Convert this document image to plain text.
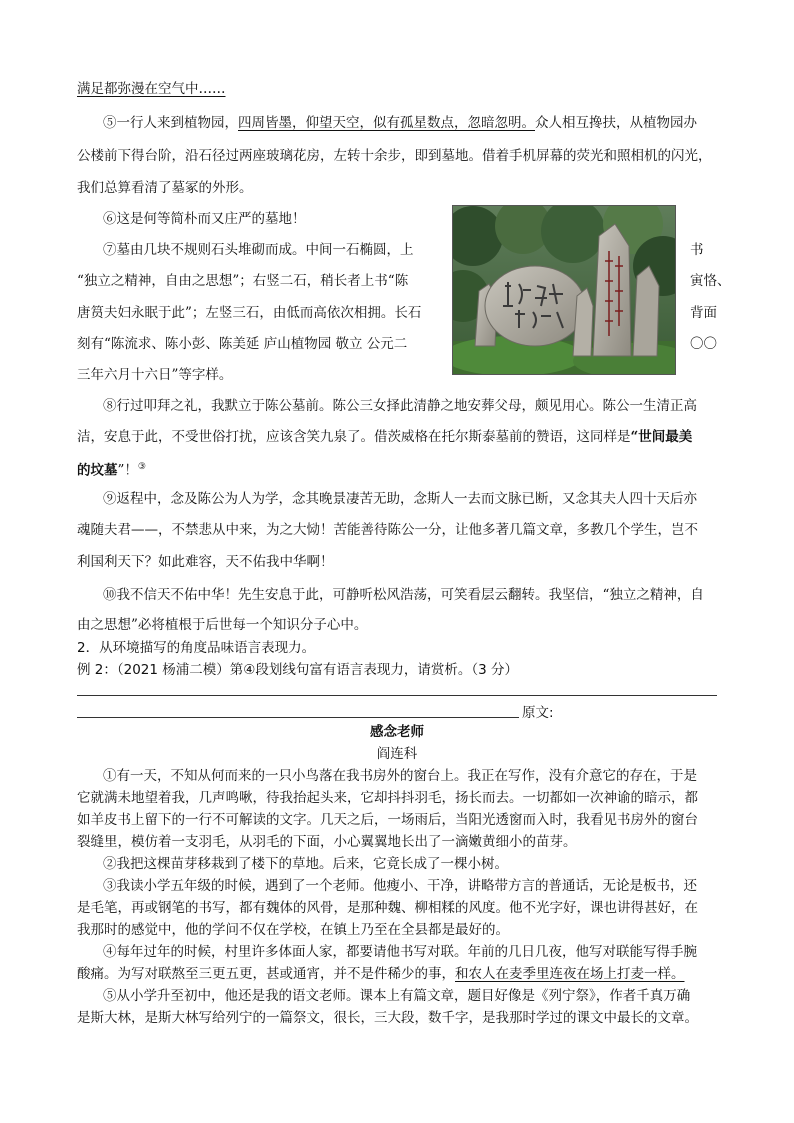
满足都弥漫在空气中……
⑤一行人来到植物园，四周皆墨，仰望天空，似有孤星数点，忽暗忽明。众人相互搀扶，从植物园办
公楼前下得台阶，沿石径过两座玻璃花房，左转十余步，即到墓地。借着手机屏幕的荧光和照相机的闪光，
我们总算看清了墓冢的外形。
⑥这是何等简朴而又庄严的墓地！
⑦墓由几块不规则石头堆砌而成。中间一石椭圆，上	书
“独立之精神，自由之思想”；右竖二石，稍长者上书“陈	寅恪、
唐筼夫妇永眠于此”；左竖三石，由低而高依次相拥。长石	背面
刻有“陈流求、陈小彭、陈美延 庐山植物园 敬立 公元二	〇〇
三年六月十六日”等字样。
⑧行过叩拜之礼，我默立于陈公墓前。陈公三女择此清静之地安葬父母，颇见用心。陈公一生清正高
洁，安息于此，不受世俗打扰，应该含笑九泉了。借茨威格在托尔斯泰墓前的赞语，这同样是“世间最美
的坟墓”！③
⑨返程中，念及陈公为人为学，念其晚景凄苦无助，念斯人一去而文脉已断，又念其夫人四十天后亦
魂随夫君——，不禁悲从中来，为之大恸！苦能善待陈公一分，让他多著几篇文章，多教几个学生，岂不
利国利天下？如此难容，天不佑我中华啊！
⑩我不信天不佑中华！先生安息于此，可静听松风浩荡，可笑看层云翻转。我坚信，“独立之精神，自
由之思想”必将植根于后世每一个知识分子心中。
2．从环境描写的角度品味语言表现力。
例 2：（2021 杨浦二模）第④段划线句富有语言表现力，请赏析。（3 分）
原文:
感念老师
阎连科
①有一天，不知从何而来的一只小鸟落在我书房外的窗台上。我正在写作，没有介意它的存在，于是
它就满未地望着我，几声鸣啾，待我抬起头来，它却抖抖羽毛，扬长而去。一切都如一次神谕的暗示，都
如羊皮书上留下的一行不可解读的文字。几天之后，一场雨后，当阳光透窗而入时，我看见书房外的窗台
裂缝里，模仿着一支羽毛，从羽毛的下面，小心翼翼地长出了一滴嫩黄细小的苗芽。
②我把这棵苗芽移栽到了楼下的草地。后来，它竟长成了一棵小树。
③我读小学五年级的时候，遇到了一个老师。他瘦小、干净，讲略带方言的普通话，无论是板书，还
是毛笔，再或钢笔的书写，都有魏体的风骨，是那种魏、柳相糅的风度。他不光字好，课也讲得甚好，在
我那时的感觉中，他的学问不仅在学校，在镇上乃至在全县都是最好的。
④每年过年的时候，村里许多体面人家，都要请他书写对联。年前的几日几夜，他写对联能写得手腕
酸痛。为写对联熬至三更五更，甚或通宵，并不是件稀少的事，和农人在麦季里连夜在场上打麦一样。
⑤从小学升至初中，他还是我的语文老师。课本上有篇文章，题目好像是《列宁祭》，作者千真万确
是斯大林，是斯大林写给列宁的一篇祭文，很长，三大段，数千字，是我那时学过的课文中最长的文章。
